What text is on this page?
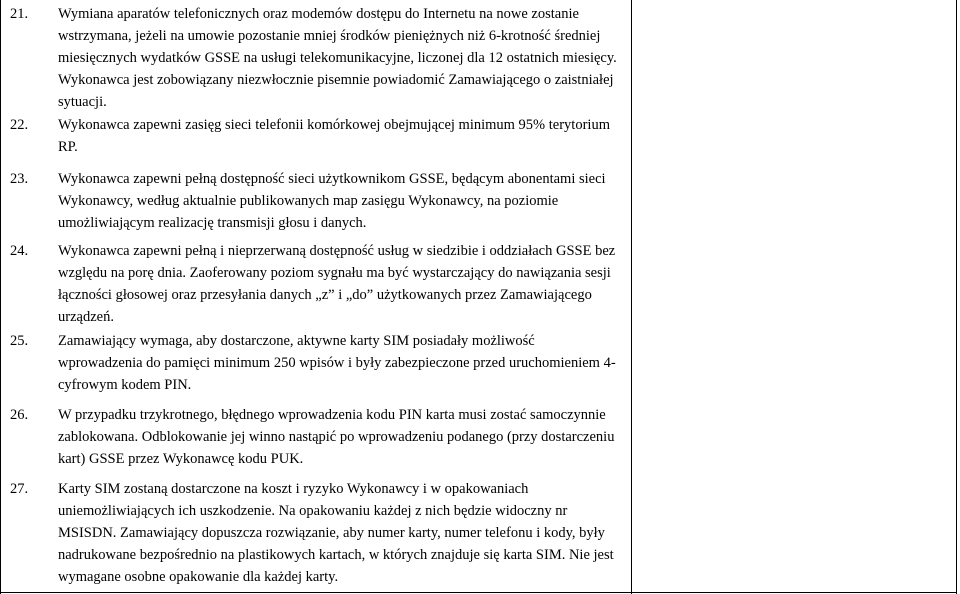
21. Wymiana aparatów telefonicznych oraz modemów dostępu do Internetu na nowe zostanie
wstrzymana, jeżeli na umowie pozostanie mniej środków pieniężnych niż 6-krotność średniej
miesięcznych wydatków GSSE na usługi telekomunikacyjne, liczonej dla 12 ostatnich miesięcy.
Wykonawca jest zobowiązany niezwłocznie pisemnie powiadomić Zamawiającego o zaistniałej
sytuacji.
22. Wykonawca zapewni zasięg sieci telefonii komórkowej obejmującej minimum 95% terytorium
RP.
23. Wykonawca zapewni pełną dostępność sieci użytkownikom GSSE, będącym abonentami sieci
Wykonawcy, według aktualnie publikowanych map zasięgu Wykonawcy, na poziomie
umożliwiającym realizację transmisji głosu i danych.
24. Wykonawca zapewni pełną i nieprzerwaną dostępność usług w siedzibie i oddziałach GSSE bez
względu na porę dnia. Zaoferowany poziom sygnału ma być wystarczający do nawiązania sesji
łączności głosowej oraz przesyłania danych „z” i „do” użytkowanych przez Zamawiającego
urządzeń.
25. Zamawiający wymaga, aby dostarczone, aktywne karty SIM posiadały możliwość
wprowadzenia do pamięci minimum 250 wpisów i były zabezpieczone przed uruchomieniem 4-
cyfrowym kodem PIN.
26. W przypadku trzykrotnego, błędnego wprowadzenia kodu PIN karta musi zostać samoczynnie
zablokowana. Odblokowanie jej winno nastąpić po wprowadzeniu podanego (przy dostarczeniu
kart) GSSE przez Wykonawcę kodu PUK.
27. Karty SIM zostaną dostarczone na koszt i ryzyko Wykonawcy i w opakowaniach
uniemożliwiających ich uszkodzenie. Na opakowaniu każdej z nich będzie widoczny nr
MSISDN. Zamawiający dopuszcza rozwiązanie, aby numer karty, numer telefonu i kody, były
nadrukowane bezpośrednio na plastikowych kartach, w których znajduje się karta SIM. Nie jest
wymagane osobne opakowanie dla każdej karty.
